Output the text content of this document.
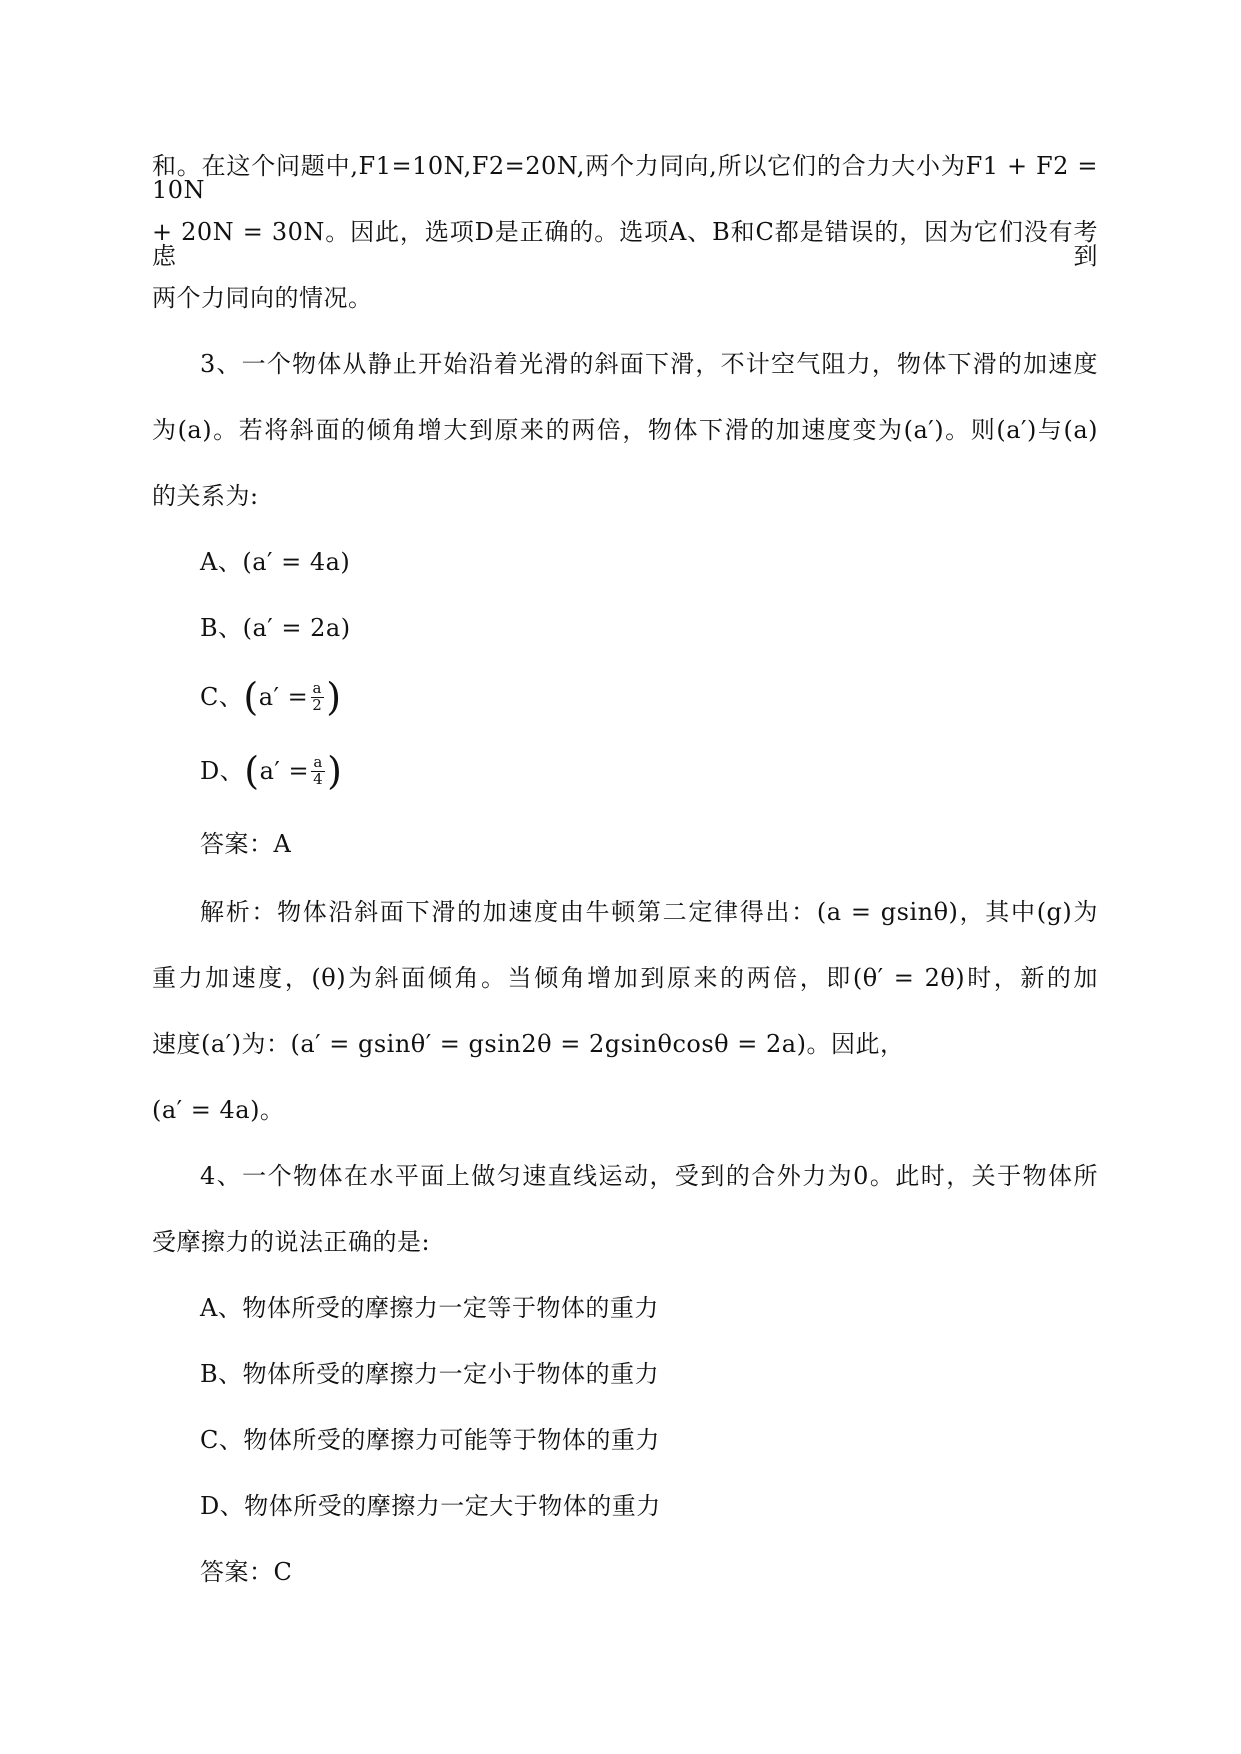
和。在这个问题中,F1=10N,F2=20N,两个力同向,所以它们的合力大小为F1 + F2 = 10N
+ 20N = 30N。因此，选项D是正确的。选项A、B和C都是错误的，因为它们没有考虑到
两个力同向的情况。
3、一个物体从静止开始沿着光滑的斜面下滑，不计空气阻力，物体下滑的加速度
为(a)。若将斜面的倾角增大到原来的两倍，物体下滑的加速度变为(a′)。则(a′)与(a)
的关系为:
A、(a′ = 4a)
B、(a′ = 2a)
C、 ( $a' = \frac{a}{2}$ )
D、 ( $a' = \frac{a}{4}$ )
答案：A
解析：物体沿斜面下滑的加速度由牛顿第二定律得出：(a = gsinθ)，其中(g)为
重力加速度，(θ)为斜面倾角。当倾角增加到原来的两倍，即(θ′ = 2θ)时，新的加
速度(a′)为：(a′ = gsinθ′ = gsin2θ = 2gsinθcosθ = 2a)。因此，
(a′ = 4a)。
4、一个物体在水平面上做匀速直线运动，受到的合外力为0。此时，关于物体所
受摩擦力的说法正确的是:
A、物体所受的摩擦力一定等于物体的重力
B、物体所受的摩擦力一定小于物体的重力
C、物体所受的摩擦力可能等于物体的重力
D、物体所受的摩擦力一定大于物体的重力
答案：C
